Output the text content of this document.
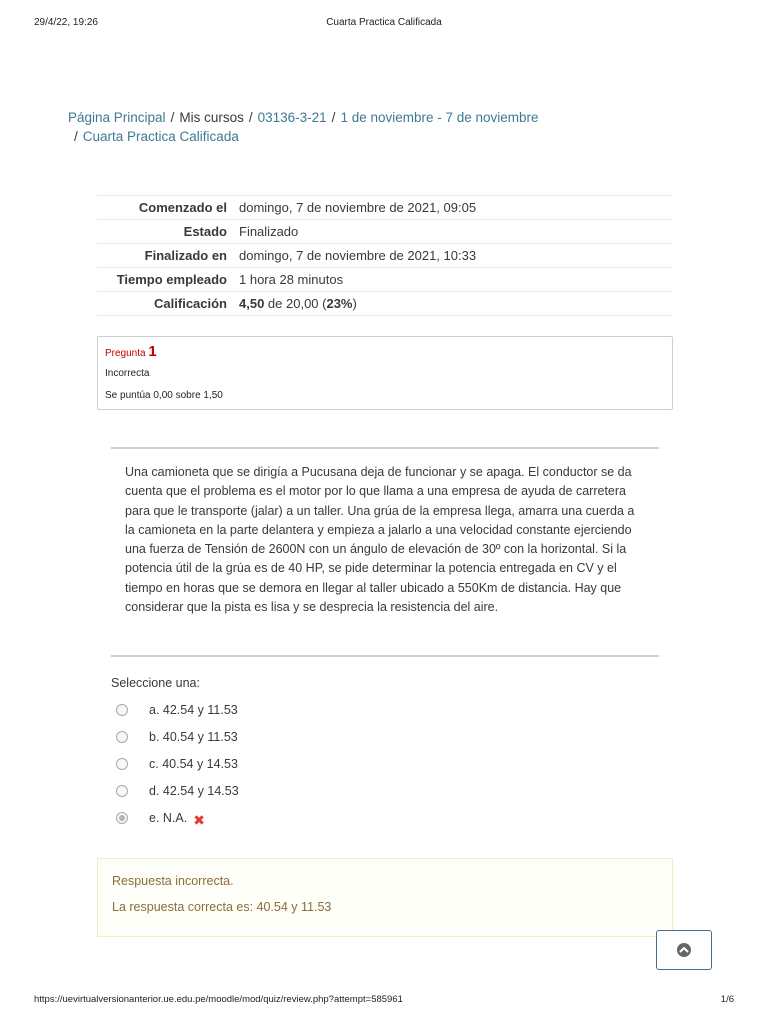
29/4/22, 19:26	Cuarta Practica Calificada
Página Principal / Mis cursos / 03136-3-21 / 1 de noviembre - 7 de noviembre
/ Cuarta Practica Calificada
Comenzado el	domingo, 7 de noviembre de 2021, 09:05
Estado	Finalizado
Finalizado en	domingo, 7 de noviembre de 2021, 10:33
Tiempo empleado	1 hora 28 minutos
Calificación	4,50 de 20,00 (23%)
Pregunta 1
Incorrecta
Se puntúa 0,00 sobre 1,50
Una camioneta que se dirigía a Pucusana deja de funcionar y se apaga. El conductor se da cuenta que el problema es el motor por lo que llama a una empresa de ayuda de carretera para que le transporte (jalar) a un taller. Una grúa de la empresa llega, amarra una cuerda a la camioneta en la parte delantera y empieza a jalarlo a una velocidad constante ejerciendo una fuerza de Tensión de 2600N con un ángulo de elevación de 30º con la horizontal. Si la potencia útil de la grúa es de 40 HP, se pide determinar la potencia entregada en CV y el tiempo en horas que se demora en llegar al taller ubicado a 550Km de distancia. Hay que considerar que la pista es lisa y se desprecia la resistencia del aire.
Seleccione una:
a. 42.54 y 11.53
b. 40.54 y 11.53
c. 40.54 y 14.53
d. 42.54 y 14.53
e. N.A. ✖
Respuesta incorrecta.
La respuesta correcta es: 40.54 y 11.53
https://uevirtualversionanterior.ue.edu.pe/moodle/mod/quiz/review.php?attempt=585961	1/6
